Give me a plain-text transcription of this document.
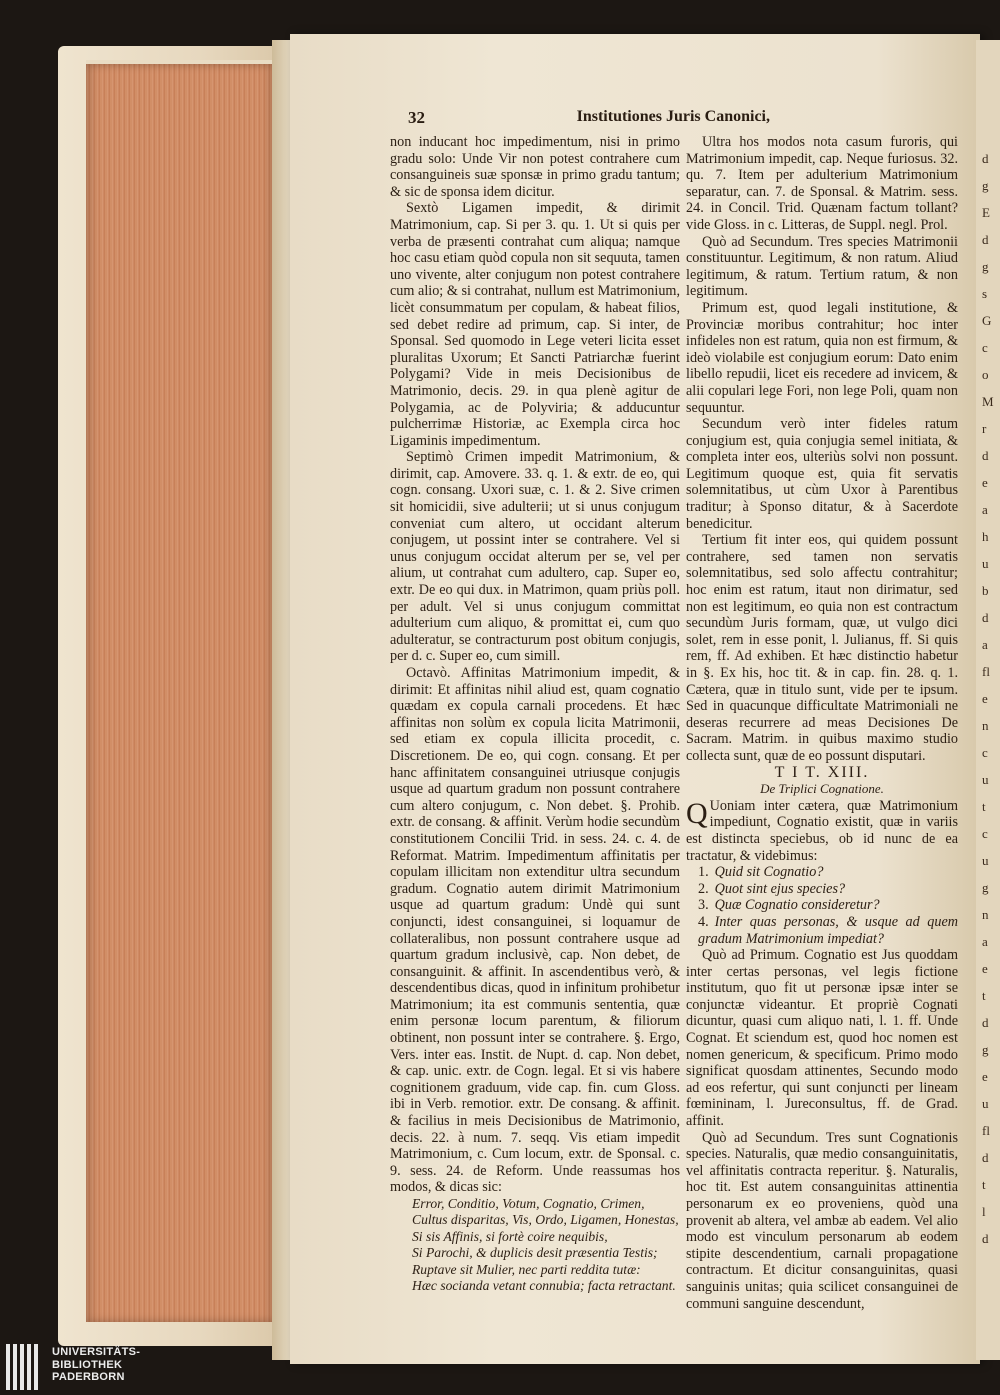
d
g
E
d
g
s
G
c
o
M
r
d
e
a
h
u
b
d
a
fl
e
n
c
u
t
c
u
g
n
a
e
t
d
g
e
u
fl
d
t
l
d
32	Institutiones Juris Canonici,

non inducant hoc impedimentum, nisi in primo gradu solo: Unde Vir non potest contrahere cum consanguineis suæ sponsæ in primo gradu tantum; & sic de sponsa idem dicitur.

Sextò Ligamen impedit, & dirimit Matrimonium, cap. Si per 3. qu. 1. Ut si quis per verba de præsenti contrahat cum aliqua; namque hoc casu etiam quòd copula non sit sequuta, tamen uno vivente, alter conjugum non potest contrahere cum alio; & si contrahat, nullum est Matrimonium, licèt consummatum per copulam, & habeat filios, sed debet redire ad primum, cap. Si inter, de Sponsal. Sed quomodo in Lege veteri licita esset pluralitas Uxorum; Et Sancti Patriarchæ fuerint Polygami? Vide in meis Decisionibus de Matrimonio, decis. 29. in qua plenè agitur de Polygamia, ac de Polyviria; & adducuntur pulcherrimæ Historiæ, ac Exempla circa hoc Ligaminis impedimentum.

Septimò Crimen impedit Matrimonium, & dirimit, cap. Amovere. 33. q. 1. & extr. de eo, qui cogn. consang. Uxori suæ, c. 1. & 2. Sive crimen sit homicidii, sive adulterii; ut si unus conjugum conveniat cum altero, ut occidant alterum conjugem, ut possint inter se contrahere. Vel si unus conjugum occidat alterum per se, vel per alium, ut contrahat cum adultero, cap. Super eo, extr. De eo qui dux. in Matrimon, quam priùs poll. per adult. Vel si unus conjugum committat adulterium cum aliquo, & promittat ei, cum quo adulteratur, se contracturum post obitum conjugis, per d. c. Super eo, cum simill.

Octavò. Affinitas Matrimonium impedit, & dirimit: Et affinitas nihil aliud est, quam cognatio quædam ex copula carnali procedens. Et hæc affinitas non solùm ex copula licita Matrimonii, sed etiam ex copula illicita procedit, c. Discretionem. De eo, qui cogn. consang. Et per hanc affinitatem consanguinei utriusque conjugis usque ad quartum gradum non possunt contrahere cum altero conjugum, c. Non debet. §. Prohib. extr. de consang. & affinit. Verùm hodie secundùm constitutionem Concilii Trid. in sess. 24. c. 4. de Reformat. Matrim. Impedimentum affinitatis per copulam illicitam non extenditur ultra secundum gradum. Cognatio autem dirimit Matrimonium usque ad quartum gradum: Undè qui sunt conjuncti, idest consanguinei, si loquamur de collateralibus, non possunt contrahere usque ad quartum gradum inclusivè, cap. Non debet, de consanguinit. & affinit. In ascendentibus verò, & descendentibus dicas, quod in infinitum prohibetur Matrimonium; ita est communis sententia, quæ enim personæ locum parentum, & filiorum obtinent, non possunt inter se contrahere. §. Ergo, Vers. inter eas. Instit. de Nupt. d. cap. Non debet, & cap. unic. extr. de Cogn. legal. Et si vis habere cognitionem graduum, vide cap. fin. cum Gloss. ibi in Verb. remotior. extr. De consang. & affinit. & facilius in meis Decisionibus de Matrimonio, decis. 22. à num. 7. seqq. Vis etiam impedit Matrimonium, c. Cum locum, extr. de Sponsal. c. 9. sess. 24. de Reform. Unde reassumas hos modos, & dicas sic:

Error, Conditio, Votum, Cognatio, Crimen,

Cultus disparitas, Vis, Ordo, Ligamen, Honestas,

Si sis Affinis, si fortè coire nequibis,

Si Parochi, & duplicis desit præsentia Testis;

Ruptave sit Mulier, nec parti reddita tutæ:

Hæc socianda vetant connubia; facta retractant.

Ultra hos modos nota casum furoris, qui Matrimonium impedit, cap. Neque furiosus. 32. qu. 7. Item per adulterium Matrimonium separatur, can. 7. de Sponsal. & Matrim. sess. 24. in Concil. Trid. Quænam factum tollant? vide Gloss. in c. Litteras, de Suppl. negl. Prol.

Quò ad Secundum. Tres species Matrimonii constituuntur. Legitimum, & non ratum. Aliud legitimum, & ratum. Tertium ratum, & non legitimum.

Primum est, quod legali institutione, & Provinciæ moribus contrahitur; hoc inter infideles non est ratum, quia non est firmum, & ideò violabile est conjugium eorum: Dato enim libello repudii, licet eis recedere ad invicem, & alii copulari lege Fori, non lege Poli, quam non sequuntur.

Secundum verò inter fideles ratum conjugium est, quia conjugia semel initiata, & completa inter eos, ulteriùs solvi non possunt. Legitimum quoque est, quia fit servatis solemnitatibus, ut cùm Uxor à Parentibus traditur; à Sponso ditatur, & à Sacerdote benedicitur.

Tertium fit inter eos, qui quidem possunt contrahere, sed tamen non servatis solemnitatibus, sed solo affectu contrahitur; hoc enim est ratum, itaut non dirimatur, sed non est legitimum, eo quia non est contractum secundùm Juris formam, quæ, ut vulgo dici solet, rem in esse ponit, l. Julianus, ff. Si quis rem, ff. Ad exhiben. Et hæc distinctio habetur in §. Ex his, hoc tit. & in cap. fin. 28. q. 1. Cætera, quæ in titulo sunt, vide per te ipsum. Sed in quacunque difficultate Matrimoniali ne deseras recurrere ad meas Decisiones De Sacram. Matrim. in quibus maximo studio collecta sunt, quæ de eo possunt disputari.

T I T. XIII.

De Triplici Cognatione.

Q Uoniam inter cætera, quæ Matrimonium impediunt, Cognatio existit, quæ in variis est distincta speciebus, ob id nunc de ea tractatur, & videbimus:

1. Quid sit Cognatio?

2. Quot sint ejus species?

3. Quæ Cognatio consideretur?

4. Inter quas personas, & usque ad quem gradum Matrimonium impediat?

Quò ad Primum. Cognatio est Jus quoddam inter certas personas, vel legis fictione institutum, quo fit ut personæ ipsæ inter se conjunctæ videantur. Et propriè Cognati dicuntur, quasi cum aliquo nati, l. 1. ff. Unde Cognat. Et sciendum est, quod hoc nomen est nomen genericum, & specificum. Primo modo significat quosdam attinentes, Secundo modo ad eos refertur, qui sunt conjuncti per lineam fœmininam, l. Jureconsultus, ff. de Grad. affinit.

Quò ad Secundum. Tres sunt Cognationis species. Naturalis, quæ medio consanguinitatis, vel affinitatis contracta reperitur. §. Naturalis, hoc tit. Est autem consanguinitas attinentia personarum ex eo proveniens, quòd una provenit ab altera, vel ambæ ab eadem. Vel alio modo est vinculum personarum ab eodem stipite descendentium, carnali propagatione contractum. Et dicitur consanguinitas, quasi sanguinis unitas; quia scilicet consanguinei de communi sanguine descendunt,

UNIVERSITÄTS-
BIBLIOTHEK
PADERBORN
